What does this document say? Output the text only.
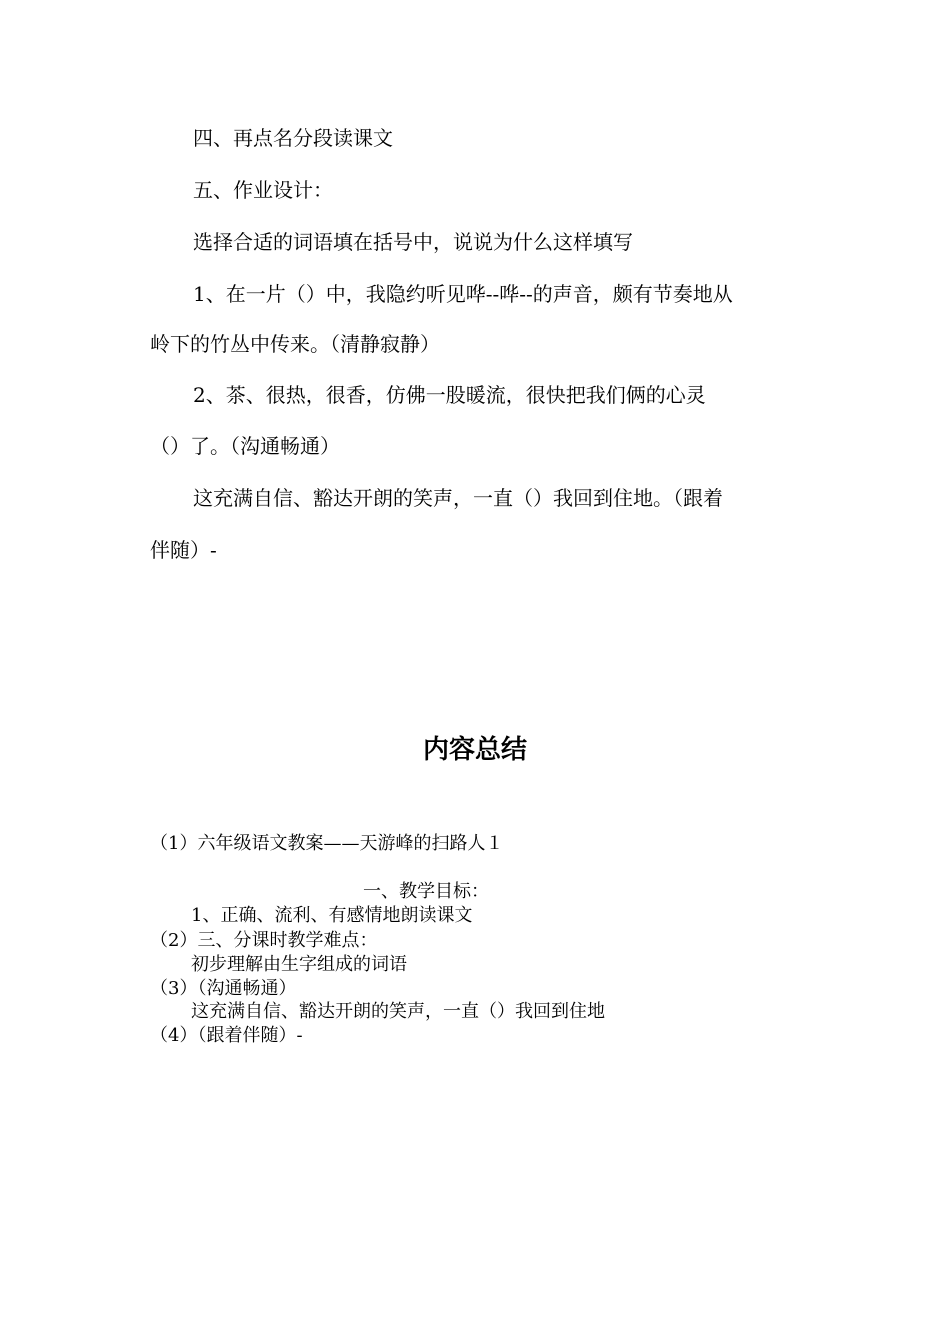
四、再点名分段读课文

五、作业设计：

选择合适的词语填在括号中，说说为什么这样填写

1、在一片（）中，我隐约听见哗--哗--的声音，颇有节奏地从

岭下的竹丛中传来。（清静寂静）

2、茶、很热，很香，仿佛一股暖流，很快把我们俩的心灵

（）了。（沟通畅通）

这充满自信、豁达开朗的笑声，一直（）我回到住地。（跟着

伴随）-

内容总结

（1）六年级语文教案——天游峰的扫路人１

一、教学目标：

1、正确、流利、有感情地朗读课文

（2）三、分课时教学难点：

初步理解由生字组成的词语

（3）（沟通畅通）

这充满自信、豁达开朗的笑声，一直（）我回到住地

（4）（跟着伴随）-
